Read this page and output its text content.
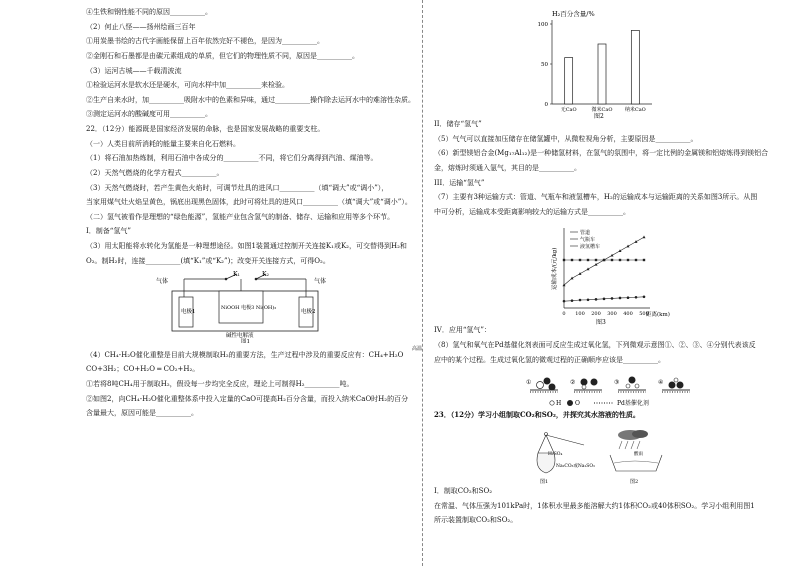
④生铁和钢性能不同的原因__________。
（2）何止八怪——扬州绘画三百年
①用炭墨书绘的古代字画能保留上百年依然完好不褪色，是因为__________。
②金刚石和石墨都是由碳元素组成的单质，但它们的物理性质不同，原因是__________。
（3）运河古城——千载清波流
①检验运河水是软水还是硬水，可向水样中加__________来检验。
②生产自来水时，加__________吸附水中的色素和异味，通过__________操作除去运河水中的难溶性杂质。
③测定运河水的酸碱度可用__________。
22．（12分）能源既是国家经济发展的命脉，也是国家发展战略的重要支柱。
（一）人类目前所消耗的能量主要来自化石燃料。
（1）将石油加热炼制，利用石油中各成分的__________不同，将它们分离得到汽油、煤油等。
（2）天然气燃烧的化学方程式__________。
（3）天然气燃烧时，若产生黄色火焰时，可调节灶具的进风口__________（填“调大”或“调小”），
当家用煤气灶火焰呈黄色，锅底出现黑色固体，此时可将灶具的进风口__________（填“调大”或“调小”）。
（二）氢气被看作是理想的“绿色能源”，氢能产业包含氢气的制备、储存、运输和应用等多个环节。
I．制备“氢气”
（3）用太阳能将水转化为氢能是一种理想途径。如图1装置通过控制开关连接K₁或K₂，可交替得到H₂和
O₂。制H₂时，连接__________(填“K₁”或“K₂”)；改变开关连接方式，可得O₂。
K₁	K₂
气体	气体
电极1	电极2
NiOOH 电极3 Ni(OH)₂
碱性电解液
图1
（4）CH₄-H₂O催化重整是目前大规模制取H₂的重要方法，生产过程中涉及的重要反应有：CH₄+H₂O
高温
CO+3H₂；CO+H₂O ═ CO₂+H₂。
①若将8吨CH₄用于制取H₂，假设每一步均完全反应，理论上可制得H₂__________吨。
②如图2，向CH₄-H₂O催化重整体系中投入定量的CaO可提高H₂百分含量，而投入纳米CaO时H₂的百分
含量最大，原因可能是__________。
H₂百分含量/%
图2
0
50
100
无CaO	微米CaO 纳米CaO
II．储存“氢气”
（5）气气可以直接加压储存在储氢罐中，从微粒视角分析，主要原因是__________。
（6）新型镁铝合金(Mg₁₇Al₁₂)是一种储氢材料，在氢气的氛围中，将一定比例的金属镁和铝熔炼得到镁铝合
金，熔炼时须通入氩气，其目的是__________。
III．运输“氢气”
（7）主要有3种运输方式：管道、气瓶车和液氢槽车，H₂的运输成本与运输距离的关系如图3所示。从图
中可分析，运输成本受距离影响较大的运输方式是__________。
运输成本/(元/kg)
距离(km)
图3
0 100 200 300 400 500
管道
气瓶车
液氢槽车
IV．应用“氢气”：
（8）氢气和氧气在Pd基催化剂表面可反应生成过氧化氢，下列微观示意图①、②、③、④分别代表该反
应中的某个过程。生成过氧化氢的微观过程的正确顺序应该是__________。
①	②	③	④
H O	Pd基催化剂
23．（12分）学习小组制取CO₂和SO₂，并探究其水溶液的性质。
H₂SO₄
Na₂CO₃或Na₂SO₃
图1
酸雨
图2
I．制取CO₂和SO₂
在常温、气体压强为101kPa时，1体积水里最多能溶解大约1体积CO₂或40体积SO₂。学习小组利用图1
所示装置制取CO₂和SO₂。
